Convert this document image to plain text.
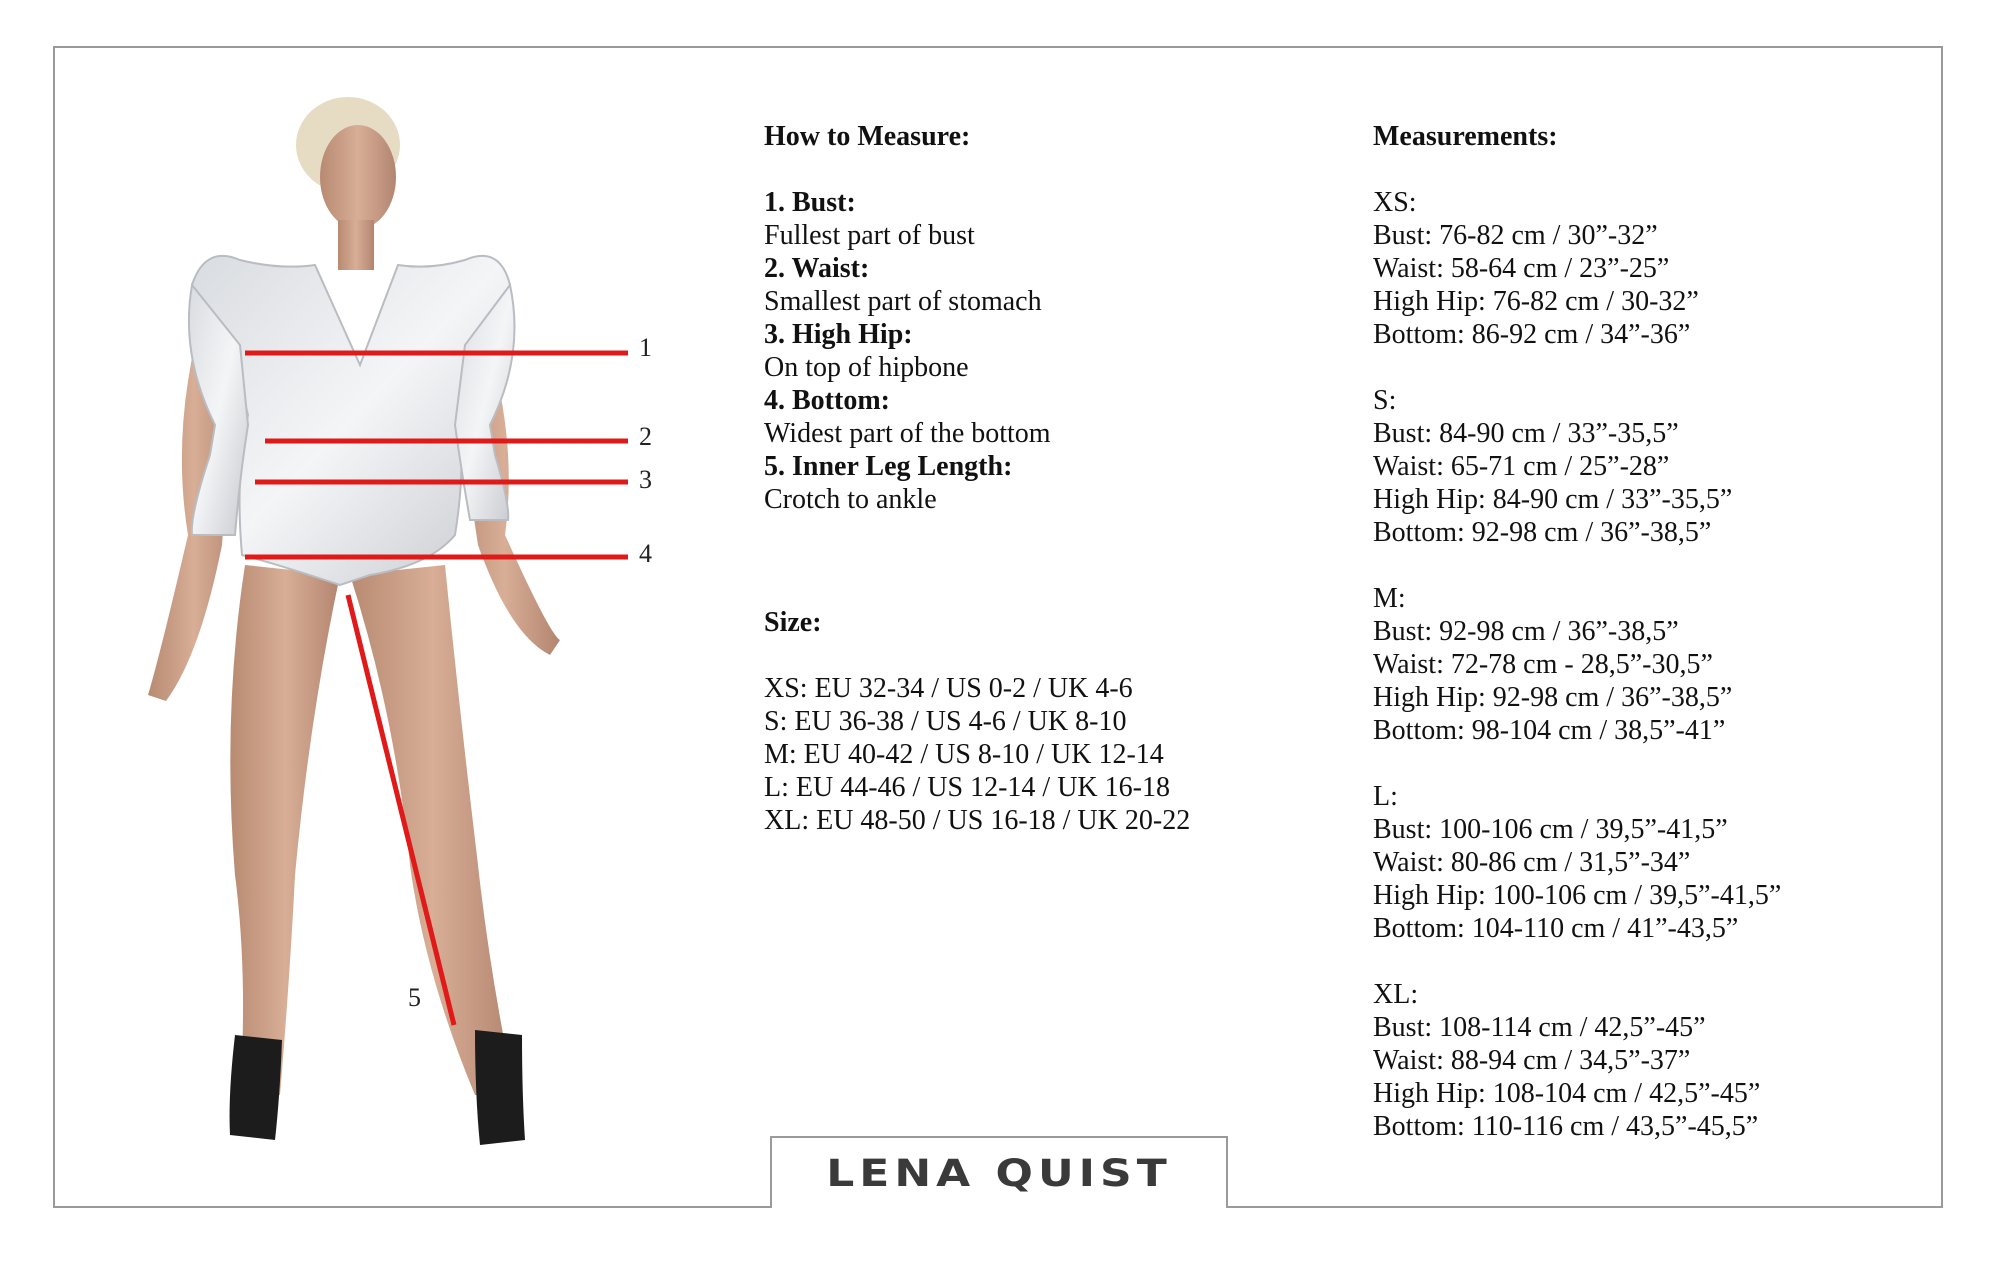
1
2
3
4
5
How to Measure:
1. Bust:
Fullest part of bust
2. Waist:
Smallest part of stomach
3. High Hip:
On top of hipbone
4. Bottom:
Widest part of the bottom
5. Inner Leg Length:
Crotch to ankle
Size:
XS: EU 32-34 / US 0-2 / UK 4-6
S: EU 36-38 / US 4-6 / UK 8-10
M: EU 40-42 / US 8-10 / UK 12-14
L: EU 44-46 / US 12-14 / UK 16-18
XL: EU 48-50 / US 16-18 / UK 20-22
Measurements:
XS:
Bust: 76-82 cm / 30”-32”
Waist: 58-64 cm / 23”-25”
High Hip: 76-82 cm / 30-32”
Bottom: 86-92 cm / 34”-36”
S:
Bust: 84-90 cm / 33”-35,5”
Waist: 65-71 cm / 25”-28”
High Hip: 84-90 cm / 33”-35,5”
Bottom: 92-98 cm / 36”-38,5”
M:
Bust: 92-98 cm / 36”-38,5”
Waist: 72-78 cm - 28,5”-30,5”
High Hip: 92-98 cm / 36”-38,5”
Bottom: 98-104 cm / 38,5”-41”
L:
Bust: 100-106 cm / 39,5”-41,5”
Waist: 80-86 cm / 31,5”-34”
High Hip: 100-106 cm / 39,5”-41,5”
Bottom: 104-110 cm / 41”-43,5”
XL:
Bust: 108-114 cm / 42,5”-45”
Waist: 88-94 cm / 34,5”-37”
High Hip: 108-104 cm / 42,5”-45”
Bottom: 110-116 cm / 43,5”-45,5”
LENA QUIST
